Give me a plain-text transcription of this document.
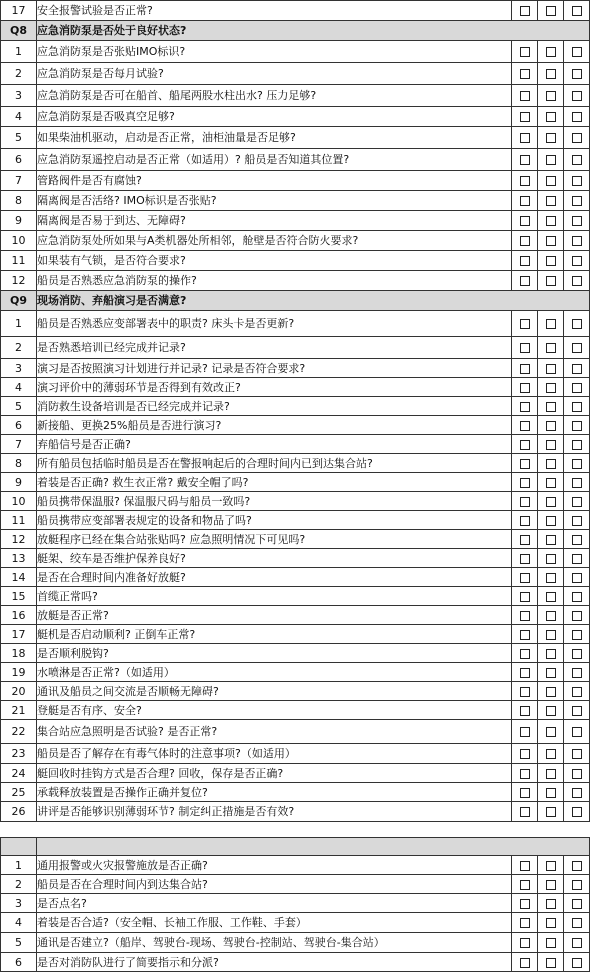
17	安全报警试验是否正常?			
Q8	应急消防泵是否处于良好状态?			
1	应急消防泵是否张贴IMO标识?			
2	应急消防泵是否每月试验?			
3	应急消防泵是否可在船首、船尾两股水柱出水? 压力足够?			
4	应急消防泵是否吸真空足够?			
5	如果柴油机驱动，启动是否正常，油柜油量是否足够?			
6	应急消防泵遥控启动是否正常（如适用）? 船员是否知道其位置?			
7	管路阀件是否有腐蚀?			
8	隔离阀是否活络? IMO标识是否张贴?			
9	隔离阀是否易于到达、无障碍?			
10	应急消防泵处所如果与A类机器处所相邻，舱壁是否符合防火要求?			
11	如果装有气锁，是否符合要求?			
12	船员是否熟悉应急消防泵的操作?			
Q9	现场消防、弃船演习是否满意?			
1	船员是否熟悉应变部署表中的职责? 床头卡是否更新?			
2	是否熟悉培训已经完成并记录?			
3	演习是否按照演习计划进行并记录? 记录是否符合要求?			
4	演习评价中的薄弱环节是否得到有效改正?			
5	消防救生设备培训是否已经完成并记录?			
6	新接船、更换25%船员是否进行演习?			
7	弃船信号是否正确?			
8	所有船员包括临时船员是否在警报响起后的合理时间内已到达集合站?			
9	着装是否正确? 救生衣正常? 戴安全帽了吗?			
10	船员携带保温服? 保温服尺码与船员一致吗?			
11	船员携带应变部署表规定的设备和物品了吗?			
12	放艇程序已经在集合站张贴吗? 应急照明情况下可见吗?			
13	艇架、绞车是否维护保养良好?			
14	是否在合理时间内准备好放艇?			
15	首缆正常吗?			
16	放艇是否正常?			
17	艇机是否启动顺利? 正倒车正常?			
18	是否顺利脱钩?			
19	水喷淋是否正常?（如适用）			
20	通讯及船员之间交流是否顺畅无障碍?			
21	登艇是否有序、安全?			
22	集合站应急照明是否试验? 是否正常?			
23	船员是否了解存在有毒气体时的注意事项?（如适用）			
24	艇回收时挂钩方式是否合理? 回收，保存是否正确?			
25	承载释放装置是否操作正确并复位?			
26	讲评是否能够识别薄弱环节? 制定纠正措施是否有效?			

1	通用报警或火灾报警施放是否正确?			
2	船员是否在合理时间内到达集合站?			
3	是否点名?			
4	着装是否合适?（安全帽、长袖工作服、工作鞋、手套）			
5	通讯是否建立?（船岸、驾驶台-现场、驾驶台-控制站、驾驶台-集合站）			
6	是否对消防队进行了简要指示和分派?			
